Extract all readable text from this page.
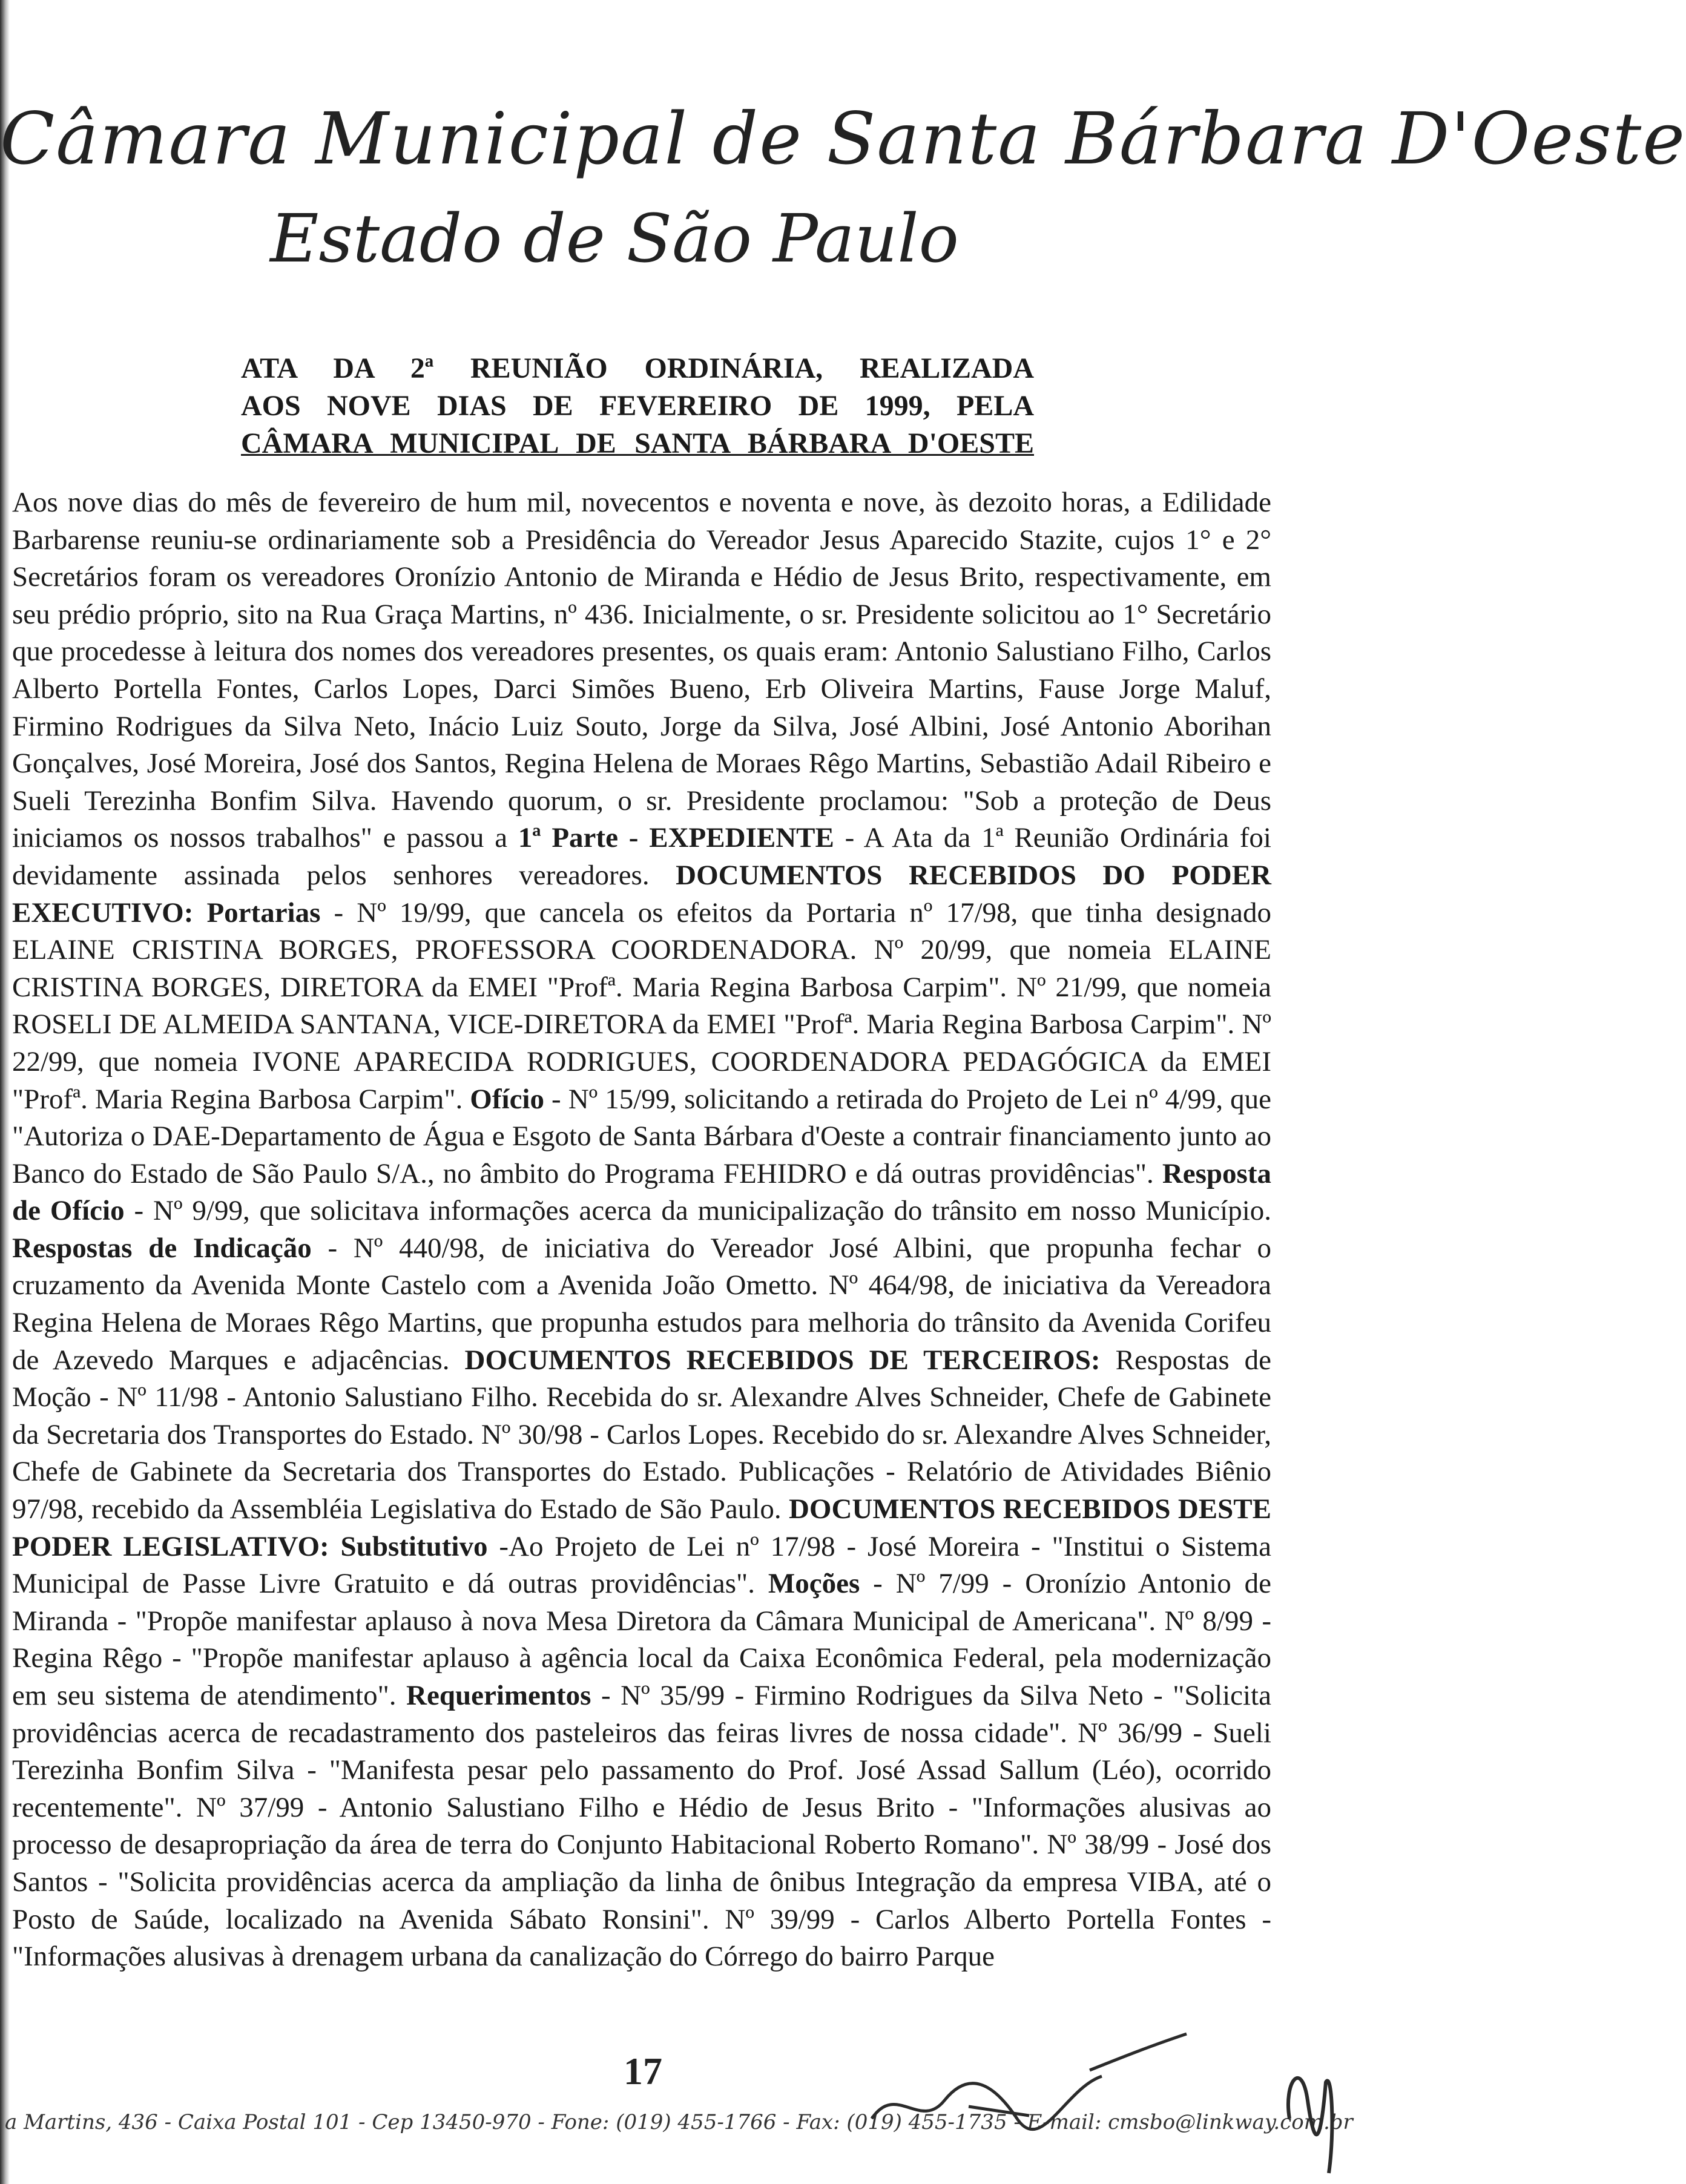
Câmara Municipal de Santa Bárbara D'Oeste
Estado de São Paulo
ATA DA 2ª REUNIÃO ORDINÁRIA, REALIZADA
AOS NOVE DIAS DE FEVEREIRO DE 1999, PELA
CÂMARA MUNICIPAL DE SANTA BÁRBARA D'OESTE
Aos nove dias do mês de fevereiro de hum mil, novecentos e noventa e nove, às dezoito horas, a Edilidade Barbarense reuniu-se ordinariamente sob a Presidência do Vereador Jesus Aparecido Stazite, cujos 1° e 2° Secretários foram os vereadores Oronízio Antonio de Miranda e Hédio de Jesus Brito, respectivamente, em seu prédio próprio, sito na Rua Graça Martins, nº 436. Inicialmente, o sr. Presidente solicitou ao 1° Secretário que procedesse à leitura dos nomes dos vereadores presentes, os quais eram: Antonio Salustiano Filho, Carlos Alberto Portella Fontes, Carlos Lopes, Darci Simões Bueno, Erb Oliveira Martins, Fause Jorge Maluf, Firmino Rodrigues da Silva Neto, Inácio Luiz Souto, Jorge da Silva, José Albini, José Antonio Aborihan Gonçalves, José Moreira, José dos Santos, Regina Helena de Moraes Rêgo Martins, Sebastião Adail Ribeiro e Sueli Terezinha Bonfim Silva. Havendo quorum, o sr. Presidente proclamou: "Sob a proteção de Deus iniciamos os nossos trabalhos" e passou a 1ª Parte - EXPEDIENTE - A Ata da 1ª Reunião Ordinária foi devidamente assinada pelos senhores vereadores. DOCUMENTOS RECEBIDOS DO PODER EXECUTIVO: Portarias - Nº 19/99, que cancela os efeitos da Portaria nº 17/98, que tinha designado ELAINE CRISTINA BORGES, PROFESSORA COORDENADORA. Nº 20/99, que nomeia ELAINE CRISTINA BORGES, DIRETORA da EMEI "Profª. Maria Regina Barbosa Carpim". Nº 21/99, que nomeia ROSELI DE ALMEIDA SANTANA, VICE-DIRETORA da EMEI "Profª. Maria Regina Barbosa Carpim". Nº 22/99, que nomeia IVONE APARECIDA RODRIGUES, COORDENADORA PEDAGÓGICA da EMEI "Profª. Maria Regina Barbosa Carpim". Ofício - Nº 15/99, solicitando a retirada do Projeto de Lei nº 4/99, que "Autoriza o DAE-Departamento de Água e Esgoto de Santa Bárbara d'Oeste a contrair financiamento junto ao Banco do Estado de São Paulo S/A., no âmbito do Programa FEHIDRO e dá outras providências". Resposta de Ofício - Nº 9/99, que solicitava informações acerca da municipalização do trânsito em nosso Município. Respostas de Indicação - Nº 440/98, de iniciativa do Vereador José Albini, que propunha fechar o cruzamento da Avenida Monte Castelo com a Avenida João Ometto. Nº 464/98, de iniciativa da Vereadora Regina Helena de Moraes Rêgo Martins, que propunha estudos para melhoria do trânsito da Avenida Corifeu de Azevedo Marques e adjacências. DOCUMENTOS RECEBIDOS DE TERCEIROS: Respostas de Moção - Nº 11/98 - Antonio Salustiano Filho. Recebida do sr. Alexandre Alves Schneider, Chefe de Gabinete da Secretaria dos Transportes do Estado. Nº 30/98 - Carlos Lopes. Recebido do sr. Alexandre Alves Schneider, Chefe de Gabinete da Secretaria dos Transportes do Estado. Publicações - Relatório de Atividades Biênio 97/98, recebido da Assembléia Legislativa do Estado de São Paulo. DOCUMENTOS RECEBIDOS DESTE PODER LEGISLATIVO: Substitutivo -Ao Projeto de Lei nº 17/98 - José Moreira - "Institui o Sistema Municipal de Passe Livre Gratuito e dá outras providências". Moções - Nº 7/99 - Oronízio Antonio de Miranda - "Propõe manifestar aplauso à nova Mesa Diretora da Câmara Municipal de Americana". Nº 8/99 - Regina Rêgo - "Propõe manifestar aplauso à agência local da Caixa Econômica Federal, pela modernização em seu sistema de atendimento". Requerimentos - Nº 35/99 - Firmino Rodrigues da Silva Neto - "Solicita providências acerca de recadastramento dos pasteleiros das feiras livres de nossa cidade". Nº 36/99 - Sueli Terezinha Bonfim Silva - "Manifesta pesar pelo passamento do Prof. José Assad Sallum (Léo), ocorrido recentemente". Nº 37/99 - Antonio Salustiano Filho e Hédio de Jesus Brito - "Informações alusivas ao processo de desapropriação da área de terra do Conjunto Habitacional Roberto Romano". Nº 38/99 - José dos Santos - "Solicita providências acerca da ampliação da linha de ônibus Integração da empresa VIBA, até o Posto de Saúde, localizado na Avenida Sábato Ronsini". Nº 39/99 - Carlos Alberto Portella Fontes - "Informações alusivas à drenagem urbana da canalização do Córrego do bairro Parque
17
a Martins, 436 - Caixa Postal 101 - Cep 13450-970 - Fone: (019) 455-1766 - Fax: (019) 455-1735 - E-mail: cmsbo@linkway.com.br
